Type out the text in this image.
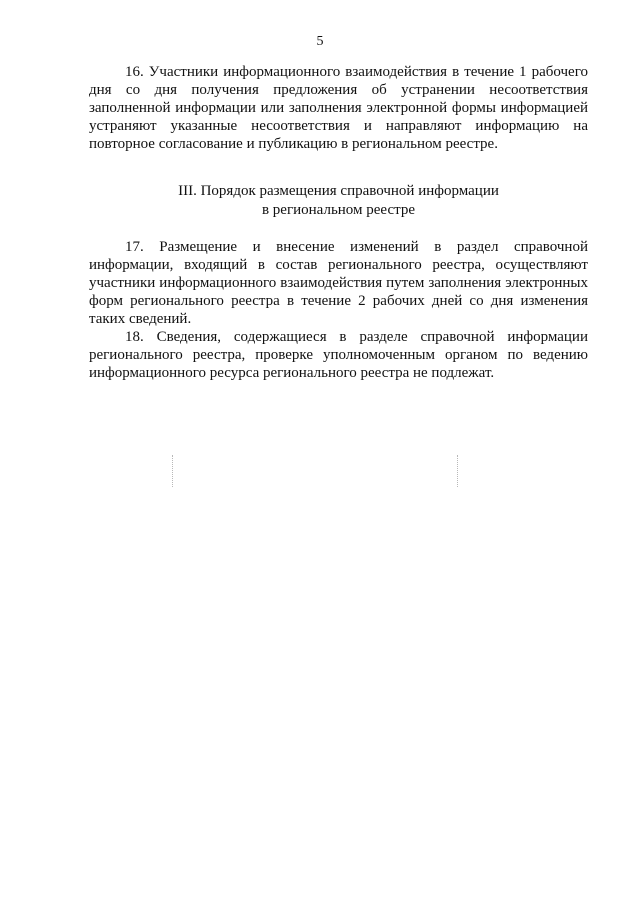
5

16. Участники информационного взаимодействия в течение 1 рабочего дня со дня получения предложения об устранении несоответствия заполненной информации или заполнения электронной формы информацией устраняют указанные несоответствия и направляют информацию на повторное согласование и публикацию в региональном реестре.

III. Порядок размещения справочной информации
в региональном реестре

17. Размещение и внесение изменений в раздел справочной информации, входящий в состав регионального реестра, осуществляют участники информационного взаимодействия путем заполнения электронных форм регионального реестра в течение 2 рабочих дней со дня изменения таких сведений.

18. Сведения, содержащиеся в разделе справочной информации регионального реестра, проверке уполномоченным органом по ведению информационного ресурса регионального реестра не подлежат.
